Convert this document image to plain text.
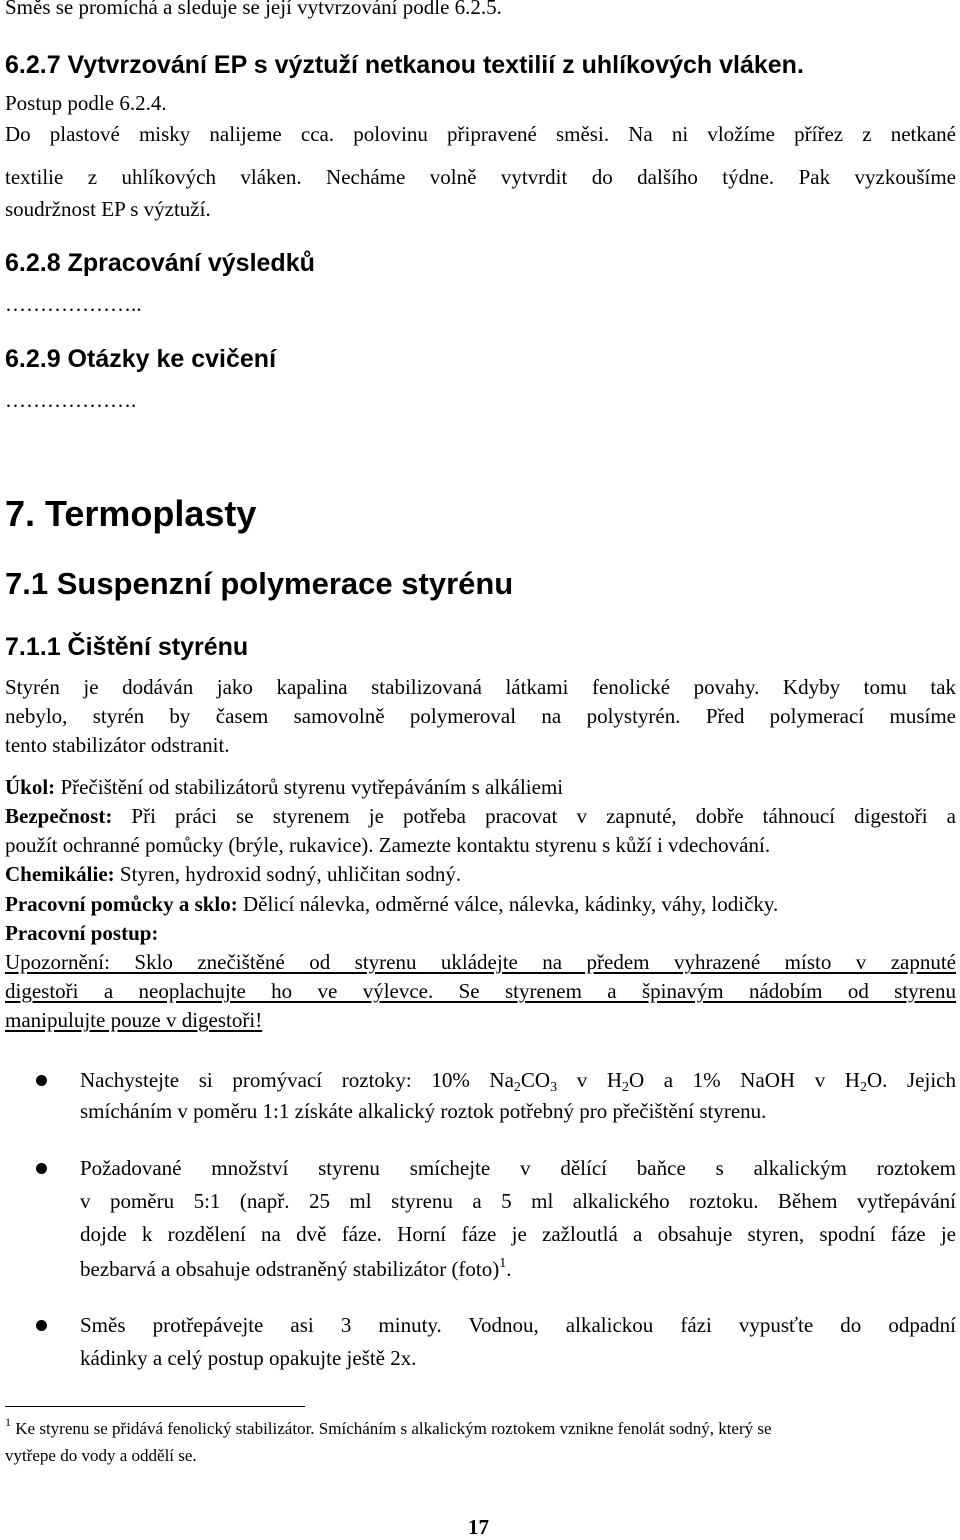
Směs se promíchá a sleduje se její vytvrzování podle 6.2.5.
6.2.7 Vytvrzování EP s výztuží netkanou textilií z uhlíkových vláken.
Postup podle 6.2.4.
Do plastové misky nalijeme cca. polovinu připravené směsi. Na ni vložíme přířez z netkané
textilie z uhlíkových vláken. Necháme volně vytvrdit do dalšího týdne. Pak vyzkoušíme
soudržnost EP s výztuží.
6.2.8 Zpracování výsledků
………………..
6.2.9 Otázky ke cvičení
……………….
7. Termoplasty
7.1 Suspenzní polymerace styrénu
7.1.1 Čištění styrénu
Styrén je dodáván jako kapalina stabilizovaná látkami fenolické povahy. Kdyby tomu tak
nebylo, styrén by časem samovolně polymeroval na polystyrén. Před polymerací musíme
tento stabilizátor odstranit.
Úkol: Přečištění od stabilizátorů styrenu vytřepáváním s alkáliemi
Bezpečnost: Při práci se styrenem je potřeba pracovat v zapnuté, dobře táhnoucí digestoři a
použít ochranné pomůcky (brýle, rukavice). Zamezte kontaktu styrenu s kůží i vdechování.
Chemikálie: Styren, hydroxid sodný, uhličitan sodný.
Pracovní pomůcky a sklo: Dělicí nálevka, odměrné válce, nálevka, kádinky, váhy, lodičky.
Pracovní postup:
Upozornění: Sklo znečištěné od styrenu ukládejte na předem vyhrazené místo v zapnuté
digestoři a neoplachujte ho ve výlevce. Se styrenem a špinavým nádobím od styrenu
manipulujte pouze v digestoři!
Nachystejte si promývací roztoky: 10% $Na_2CO_3$ v $H_2O$ a 1% NaOH v $H_2O$. Jejich
smícháním v poměru 1:1 získáte alkalický roztok potřebný pro přečištění styrenu.
Požadované množství styrenu smíchejte v dělící baňce s alkalickým roztokem
v poměru 5:1 (např. 25 ml styrenu a 5 ml alkalického roztoku. Během vytřepávání
dojde k rozdělení na dvě fáze. Horní fáze je zažloutlá a obsahuje styren, spodní fáze je
bezbarvá a obsahuje odstraněný stabilizátor (foto)$^1$.
Směs protřepávejte asi 3 minuty. Vodnou, alkalickou fázi vypusťte do odpadní
kádinky a celý postup opakujte ještě 2x.
$^1$ Ke styrenu se přidává fenolický stabilizátor. Smícháním s alkalickým roztokem vznikne fenolát sodný, který se
vytřepe do vody a oddělí se.
17
